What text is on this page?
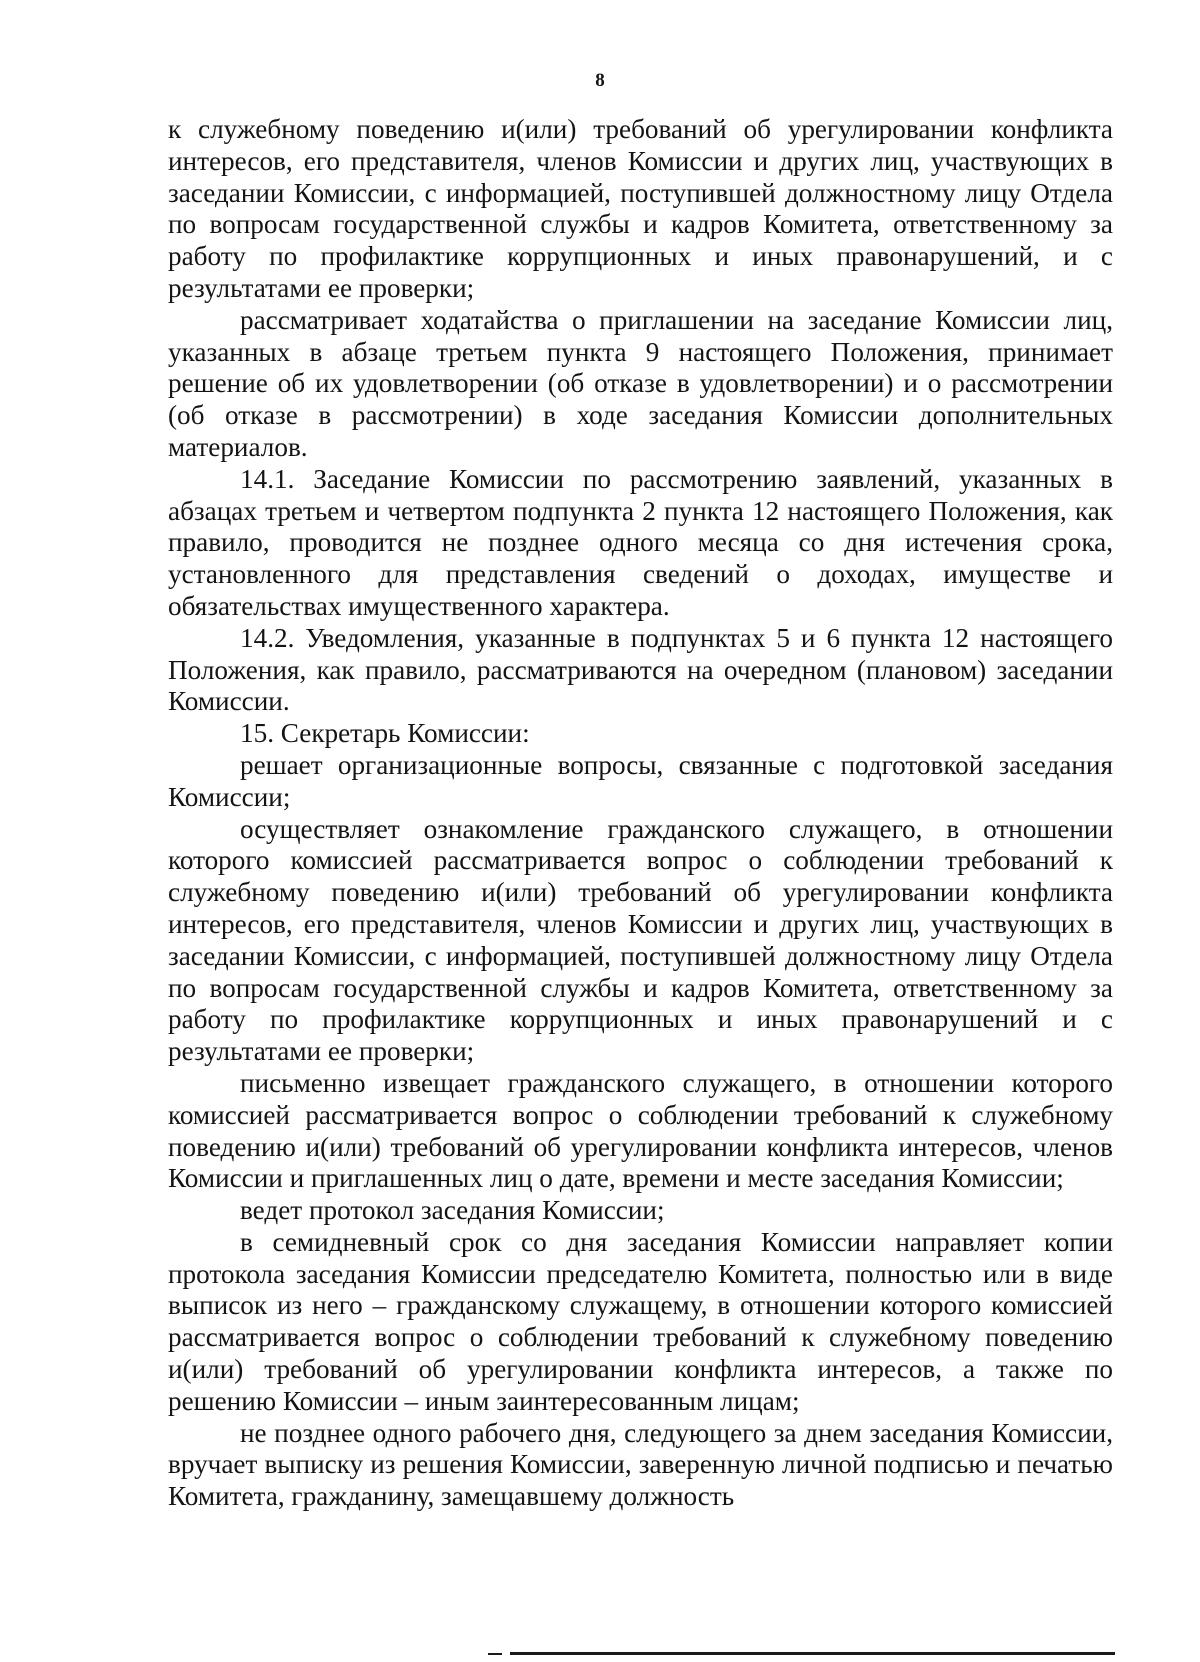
8

к служебному поведению и(или) требований об урегулировании конфликта интересов, его представителя, членов Комиссии и других лиц, участвующих в заседании Комиссии, с информацией, поступившей должностному лицу Отдела по вопросам государственной службы и кадров Комитета, ответственному за работу по профилактике коррупционных и иных правонарушений, и с результатами ее проверки;

рассматривает ходатайства о приглашении на заседание Комиссии лиц, указанных в абзаце третьем пункта 9 настоящего Положения, принимает решение об их удовлетворении (об отказе в удовлетворении) и о рассмотрении (об отказе в рассмотрении) в ходе заседания Комиссии дополнительных материалов.

14.1. Заседание Комиссии по рассмотрению заявлений, указанных в абзацах третьем и четвертом подпункта 2 пункта 12 настоящего Положения, как правило, проводится не позднее одного месяца со дня истечения срока, установленного для представления сведений о доходах, имуществе и обязательствах имущественного характера.

14.2. Уведомления, указанные в подпунктах 5 и 6 пункта 12 настоящего Положения, как правило, рассматриваются на очередном (плановом) заседании Комиссии.

15. Секретарь Комиссии:

решает организационные вопросы, связанные с подготовкой заседания Комиссии;

осуществляет ознакомление гражданского служащего, в отношении которого комиссией рассматривается вопрос о соблюдении требований к служебному поведению и(или) требований об урегулировании конфликта интересов, его представителя, членов Комиссии и других лиц, участвующих в заседании Комиссии, с информацией, поступившей должностному лицу Отдела по вопросам государственной службы и кадров Комитета, ответственному за работу по профилактике коррупционных и иных правонарушений и с результатами ее проверки;

письменно извещает гражданского служащего, в отношении которого комиссией рассматривается вопрос о соблюдении требований к служебному поведению и(или) требований об урегулировании конфликта интересов, членов Комиссии и приглашенных лиц о дате, времени и месте заседания Комиссии;

ведет протокол заседания Комиссии;

в семидневный срок со дня заседания Комиссии направляет копии протокола заседания Комиссии председателю Комитета, полностью или в виде выписок из него – гражданскому служащему, в отношении которого комиссией рассматривается вопрос о соблюдении требований к служебному поведению и(или) требований об урегулировании конфликта интересов, а также по решению Комиссии – иным заинтересованным лицам;

не позднее одного рабочего дня, следующего за днем заседания Комиссии, вручает выписку из решения Комиссии, заверенную личной подписью и печатью Комитета, гражданину, замещавшему должность
